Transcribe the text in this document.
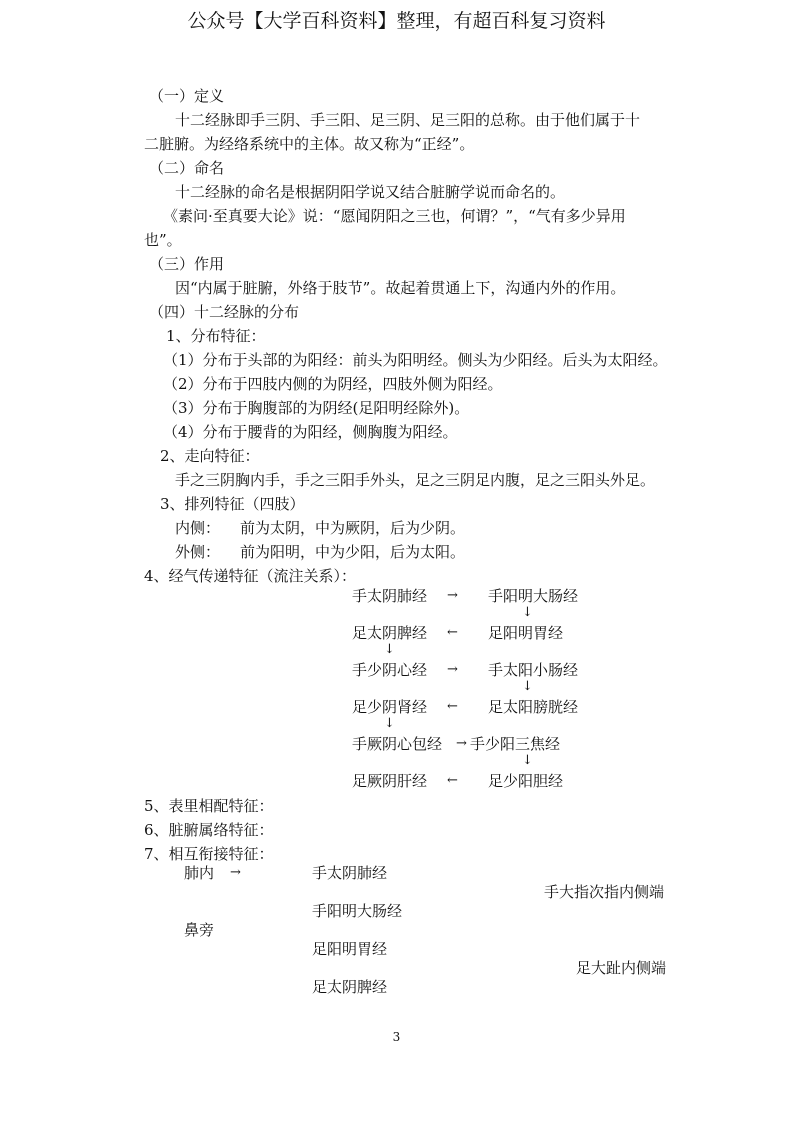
公众号【大学百科资料】整理，有超百科复习资料
（一）定义
十二经脉即手三阴、手三阳、足三阴、足三阳的总称。由于他们属于十
二脏腑。为经络系统中的主体。故又称为“正经”。
（二）命名
十二经脉的命名是根据阴阳学说又结合脏腑学说而命名的。
《素问·至真要大论》说：“愿闻阴阳之三也，何谓？”，“气有多少异用
也”。
（三）作用
因“内属于脏腑，外络于肢节”。故起着贯通上下，沟通内外的作用。
（四）十二经脉的分布
1、分布特征：
（1）分布于头部的为阳经：前头为阳明经。侧头为少阳经。后头为太阳经。
（2）分布于四肢内侧的为阴经，四肢外侧为阳经。
（3）分布于胸腹部的为阴经(足阳明经除外)。
（4）分布于腰背的为阳经，侧胸腹为阳经。
2、走向特征：
手之三阴胸内手，手之三阳手外头，足之三阴足内腹，足之三阳头外足。
3、排列特征（四肢）
内侧： 前为太阴，中为厥阴，后为少阴。
外侧： 前为阳明，中为少阳，后为太阳。
4、经气传递特征（流注关系）：
手太阴肺经 → 手阳明大肠经
↓
足太阴脾经 ← 足阳明胃经
↓
手少阴心经 → 手太阳小肠经
↓
足少阴肾经 ← 足太阳膀胱经
↓
手厥阴心包经 → 手少阳三焦经
↓
足厥阴肝经 ← 足少阳胆经
5、表里相配特征：
6、脏腑属络特征：
7、相互衔接特征：
肺内 →	手太阴肺经
手大指次指内侧端
手阳明大肠经
鼻旁
足阳明胃经
足大趾内侧端
足太阴脾经
3
